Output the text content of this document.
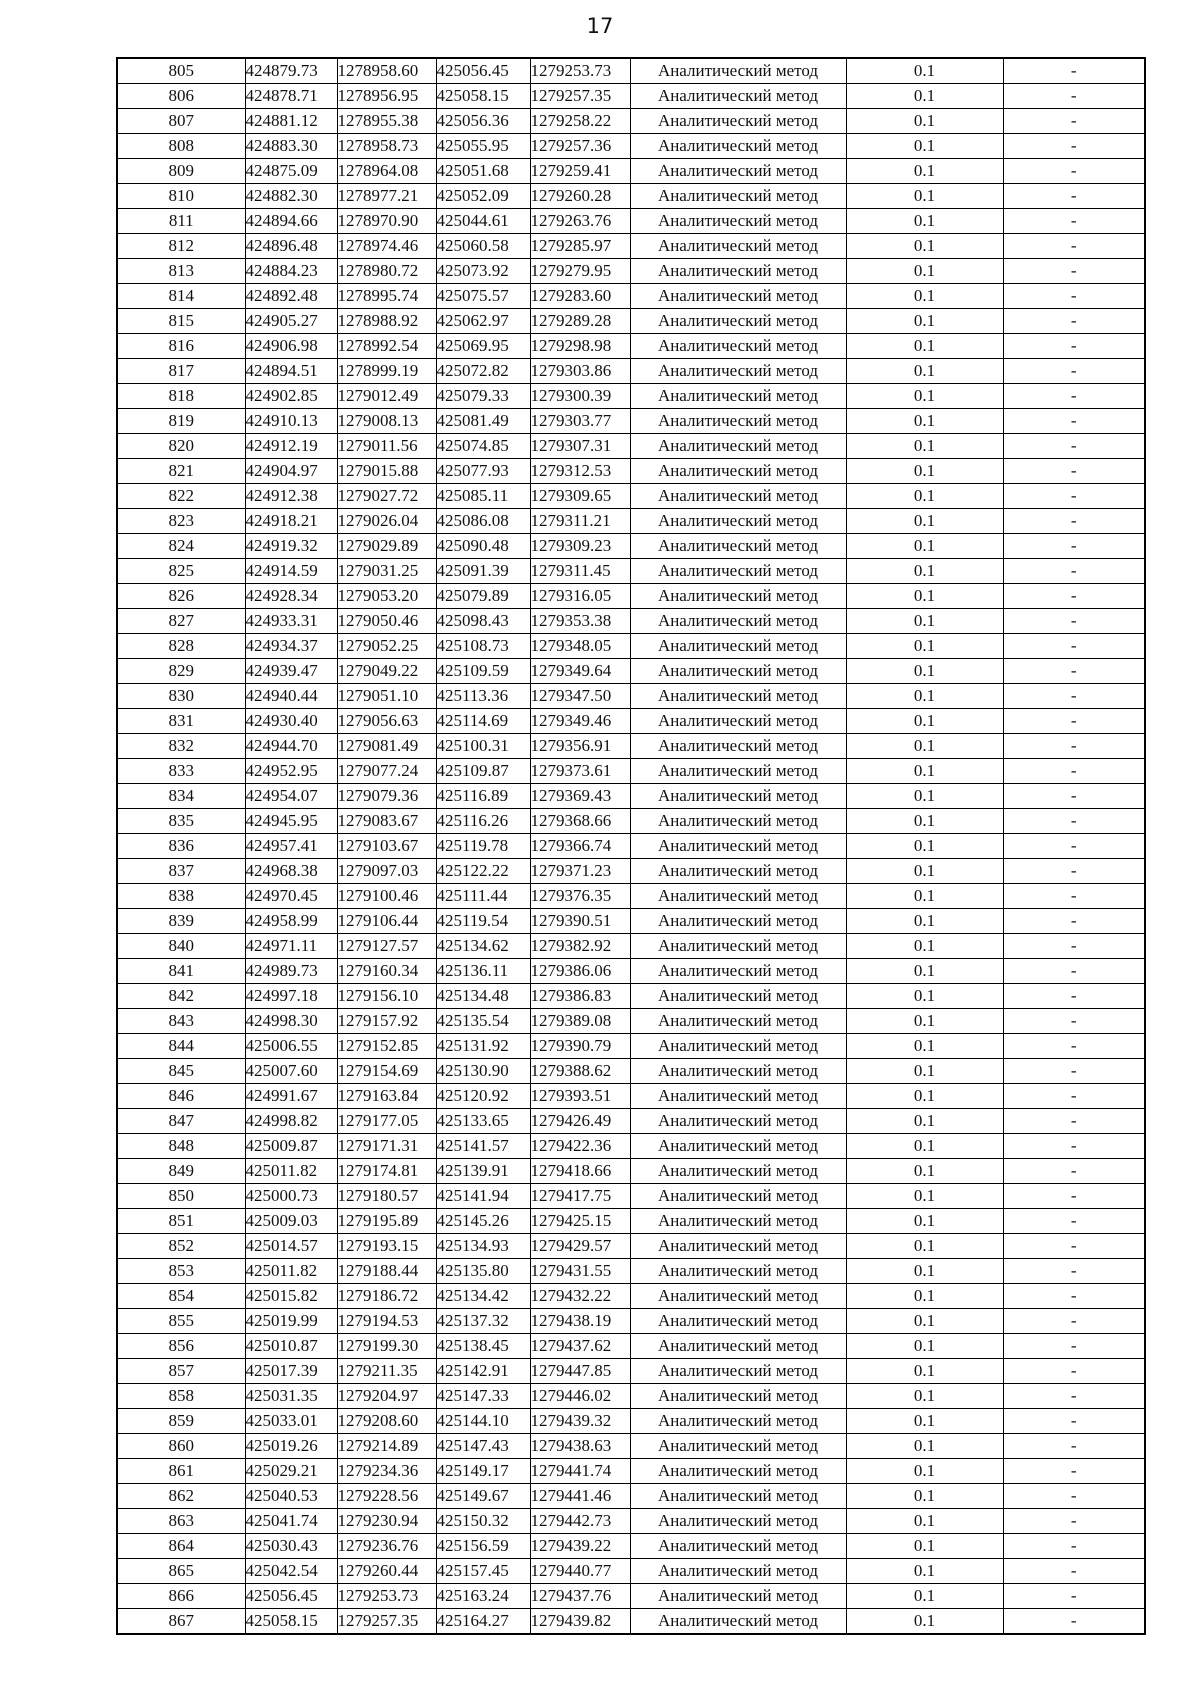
17
805	424879.73	1278958.60	425056.45	1279253.73	Аналитический метод	0.1	-
806	424878.71	1278956.95	425058.15	1279257.35	Аналитический метод	0.1	-
807	424881.12	1278955.38	425056.36	1279258.22	Аналитический метод	0.1	-
808	424883.30	1278958.73	425055.95	1279257.36	Аналитический метод	0.1	-
809	424875.09	1278964.08	425051.68	1279259.41	Аналитический метод	0.1	-
810	424882.30	1278977.21	425052.09	1279260.28	Аналитический метод	0.1	-
811	424894.66	1278970.90	425044.61	1279263.76	Аналитический метод	0.1	-
812	424896.48	1278974.46	425060.58	1279285.97	Аналитический метод	0.1	-
813	424884.23	1278980.72	425073.92	1279279.95	Аналитический метод	0.1	-
814	424892.48	1278995.74	425075.57	1279283.60	Аналитический метод	0.1	-
815	424905.27	1278988.92	425062.97	1279289.28	Аналитический метод	0.1	-
816	424906.98	1278992.54	425069.95	1279298.98	Аналитический метод	0.1	-
817	424894.51	1278999.19	425072.82	1279303.86	Аналитический метод	0.1	-
818	424902.85	1279012.49	425079.33	1279300.39	Аналитический метод	0.1	-
819	424910.13	1279008.13	425081.49	1279303.77	Аналитический метод	0.1	-
820	424912.19	1279011.56	425074.85	1279307.31	Аналитический метод	0.1	-
821	424904.97	1279015.88	425077.93	1279312.53	Аналитический метод	0.1	-
822	424912.38	1279027.72	425085.11	1279309.65	Аналитический метод	0.1	-
823	424918.21	1279026.04	425086.08	1279311.21	Аналитический метод	0.1	-
824	424919.32	1279029.89	425090.48	1279309.23	Аналитический метод	0.1	-
825	424914.59	1279031.25	425091.39	1279311.45	Аналитический метод	0.1	-
826	424928.34	1279053.20	425079.89	1279316.05	Аналитический метод	0.1	-
827	424933.31	1279050.46	425098.43	1279353.38	Аналитический метод	0.1	-
828	424934.37	1279052.25	425108.73	1279348.05	Аналитический метод	0.1	-
829	424939.47	1279049.22	425109.59	1279349.64	Аналитический метод	0.1	-
830	424940.44	1279051.10	425113.36	1279347.50	Аналитический метод	0.1	-
831	424930.40	1279056.63	425114.69	1279349.46	Аналитический метод	0.1	-
832	424944.70	1279081.49	425100.31	1279356.91	Аналитический метод	0.1	-
833	424952.95	1279077.24	425109.87	1279373.61	Аналитический метод	0.1	-
834	424954.07	1279079.36	425116.89	1279369.43	Аналитический метод	0.1	-
835	424945.95	1279083.67	425116.26	1279368.66	Аналитический метод	0.1	-
836	424957.41	1279103.67	425119.78	1279366.74	Аналитический метод	0.1	-
837	424968.38	1279097.03	425122.22	1279371.23	Аналитический метод	0.1	-
838	424970.45	1279100.46	425111.44	1279376.35	Аналитический метод	0.1	-
839	424958.99	1279106.44	425119.54	1279390.51	Аналитический метод	0.1	-
840	424971.11	1279127.57	425134.62	1279382.92	Аналитический метод	0.1	-
841	424989.73	1279160.34	425136.11	1279386.06	Аналитический метод	0.1	-
842	424997.18	1279156.10	425134.48	1279386.83	Аналитический метод	0.1	-
843	424998.30	1279157.92	425135.54	1279389.08	Аналитический метод	0.1	-
844	425006.55	1279152.85	425131.92	1279390.79	Аналитический метод	0.1	-
845	425007.60	1279154.69	425130.90	1279388.62	Аналитический метод	0.1	-
846	424991.67	1279163.84	425120.92	1279393.51	Аналитический метод	0.1	-
847	424998.82	1279177.05	425133.65	1279426.49	Аналитический метод	0.1	-
848	425009.87	1279171.31	425141.57	1279422.36	Аналитический метод	0.1	-
849	425011.82	1279174.81	425139.91	1279418.66	Аналитический метод	0.1	-
850	425000.73	1279180.57	425141.94	1279417.75	Аналитический метод	0.1	-
851	425009.03	1279195.89	425145.26	1279425.15	Аналитический метод	0.1	-
852	425014.57	1279193.15	425134.93	1279429.57	Аналитический метод	0.1	-
853	425011.82	1279188.44	425135.80	1279431.55	Аналитический метод	0.1	-
854	425015.82	1279186.72	425134.42	1279432.22	Аналитический метод	0.1	-
855	425019.99	1279194.53	425137.32	1279438.19	Аналитический метод	0.1	-
856	425010.87	1279199.30	425138.45	1279437.62	Аналитический метод	0.1	-
857	425017.39	1279211.35	425142.91	1279447.85	Аналитический метод	0.1	-
858	425031.35	1279204.97	425147.33	1279446.02	Аналитический метод	0.1	-
859	425033.01	1279208.60	425144.10	1279439.32	Аналитический метод	0.1	-
860	425019.26	1279214.89	425147.43	1279438.63	Аналитический метод	0.1	-
861	425029.21	1279234.36	425149.17	1279441.74	Аналитический метод	0.1	-
862	425040.53	1279228.56	425149.67	1279441.46	Аналитический метод	0.1	-
863	425041.74	1279230.94	425150.32	1279442.73	Аналитический метод	0.1	-
864	425030.43	1279236.76	425156.59	1279439.22	Аналитический метод	0.1	-
865	425042.54	1279260.44	425157.45	1279440.77	Аналитический метод	0.1	-
866	425056.45	1279253.73	425163.24	1279437.76	Аналитический метод	0.1	-
867	425058.15	1279257.35	425164.27	1279439.82	Аналитический метод	0.1	-
